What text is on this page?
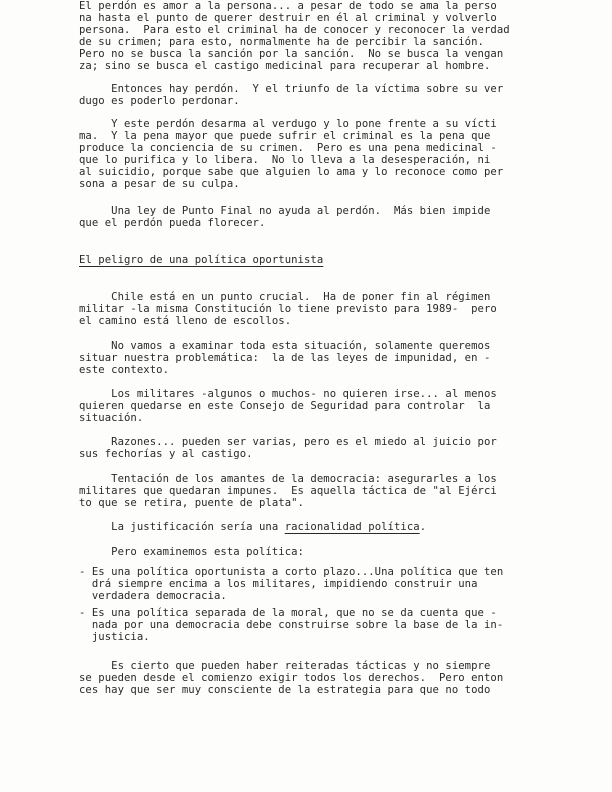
El perdón es amor a la persona... a pesar de todo se ama la perso
na hasta el punto de querer destruir en él al criminal y volverlo
persona.  Para esto el criminal ha de conocer y reconocer la verdad
de su crimen; para esto, normalmente ha de percibir la sanción.
Pero no se busca la sanción por la sanción.  No se busca la vengan
za; sino se busca el castigo medicinal para recuperar al hombre.
Entonces hay perdón.  Y el triunfo de la víctima sobre su ver
dugo es poderlo perdonar.
Y este perdón desarma al verdugo y lo pone frente a su vícti
ma.  Y la pena mayor que puede sufrir el criminal es la pena que
produce la conciencia de su crimen.  Pero es una pena medicinal -
que lo purifica y lo libera.  No lo lleva a la desesperación, ni
al suicidio, porque sabe que alguien lo ama y lo reconoce como per
sona a pesar de su culpa.
Una ley de Punto Final no ayuda al perdón.  Más bien impide
que el perdón pueda florecer.
El peligro de una política oportunista
Chile está en un punto crucial.  Ha de poner fin al régimen
militar -la misma Constitución lo tiene previsto para 1989-  pero
el camino está lleno de escollos.
No vamos a examinar toda esta situación, solamente queremos
situar nuestra problemática:  la de las leyes de impunidad, en -
este contexto.
Los militares -algunos o muchos- no quieren irse... al menos
quieren quedarse en este Consejo de Seguridad para controlar  la
situación.
Razones... pueden ser varias, pero es el miedo al juicio por
sus fechorías y al castigo.
Tentación de los amantes de la democracia: asegurarles a los
militares que quedaran impunes.  Es aquella táctica de "al Ejérci
to que se retira, puente de plata".
La justificación sería una racionalidad política.
Pero examinemos esta política:
- Es una política oportunista a corto plazo...Una política que ten
drá siempre encima a los militares, impidiendo construir una
verdadera democracia.
- Es una política separada de la moral, que no se da cuenta que -
nada por una democracia debe construirse sobre la base de la in-
justicia.
Es cierto que pueden haber reiteradas tácticas y no siempre
se pueden desde el comienzo exigir todos los derechos.  Pero enton
ces hay que ser muy consciente de la estrategia para que no todo
